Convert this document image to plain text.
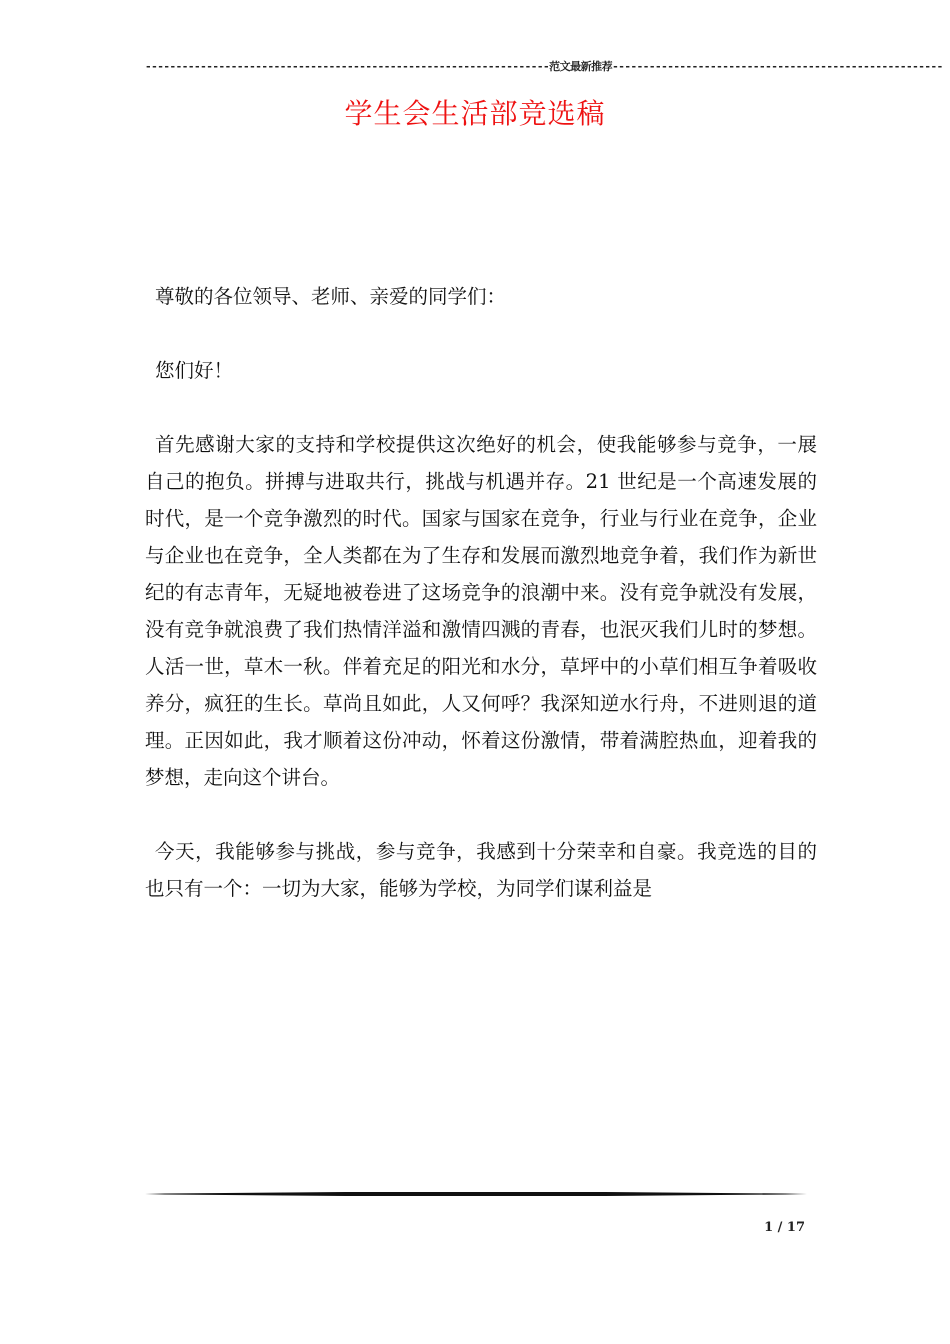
------------------------------------------------------------------范文最新推荐------------------------------------------------------
学生会生活部竞选稿

尊敬的各位领导、老师、亲爱的同学们：

您们好！

首先感谢大家的支持和学校提供这次绝好的机会，使我能够参与竞争，一展自己的抱负。拼搏与进取共行，挑战与机遇并存。21 世纪是一个高速发展的时代，是一个竞争激烈的时代。国家与国家在竞争，行业与行业在竞争，企业与企业也在竞争，全人类都在为了生存和发展而激烈地竞争着，我们作为新世纪的有志青年，无疑地被卷进了这场竞争的浪潮中来。没有竞争就没有发展，没有竞争就浪费了我们热情洋溢和激情四溅的青春，也泯灭我们儿时的梦想。人活一世，草木一秋。伴着充足的阳光和水分，草坪中的小草们相互争着吸收养分，疯狂的生长。草尚且如此，人又何呼？我深知逆水行舟，不进则退的道理。正因如此，我才顺着这份冲动，怀着这份激情，带着满腔热血，迎着我的梦想，走向这个讲台。

今天，我能够参与挑战，参与竞争，我感到十分荣幸和自豪。我竞选的目的也只有一个：一切为大家，能够为学校，为同学们谋利益是

1 / 17
